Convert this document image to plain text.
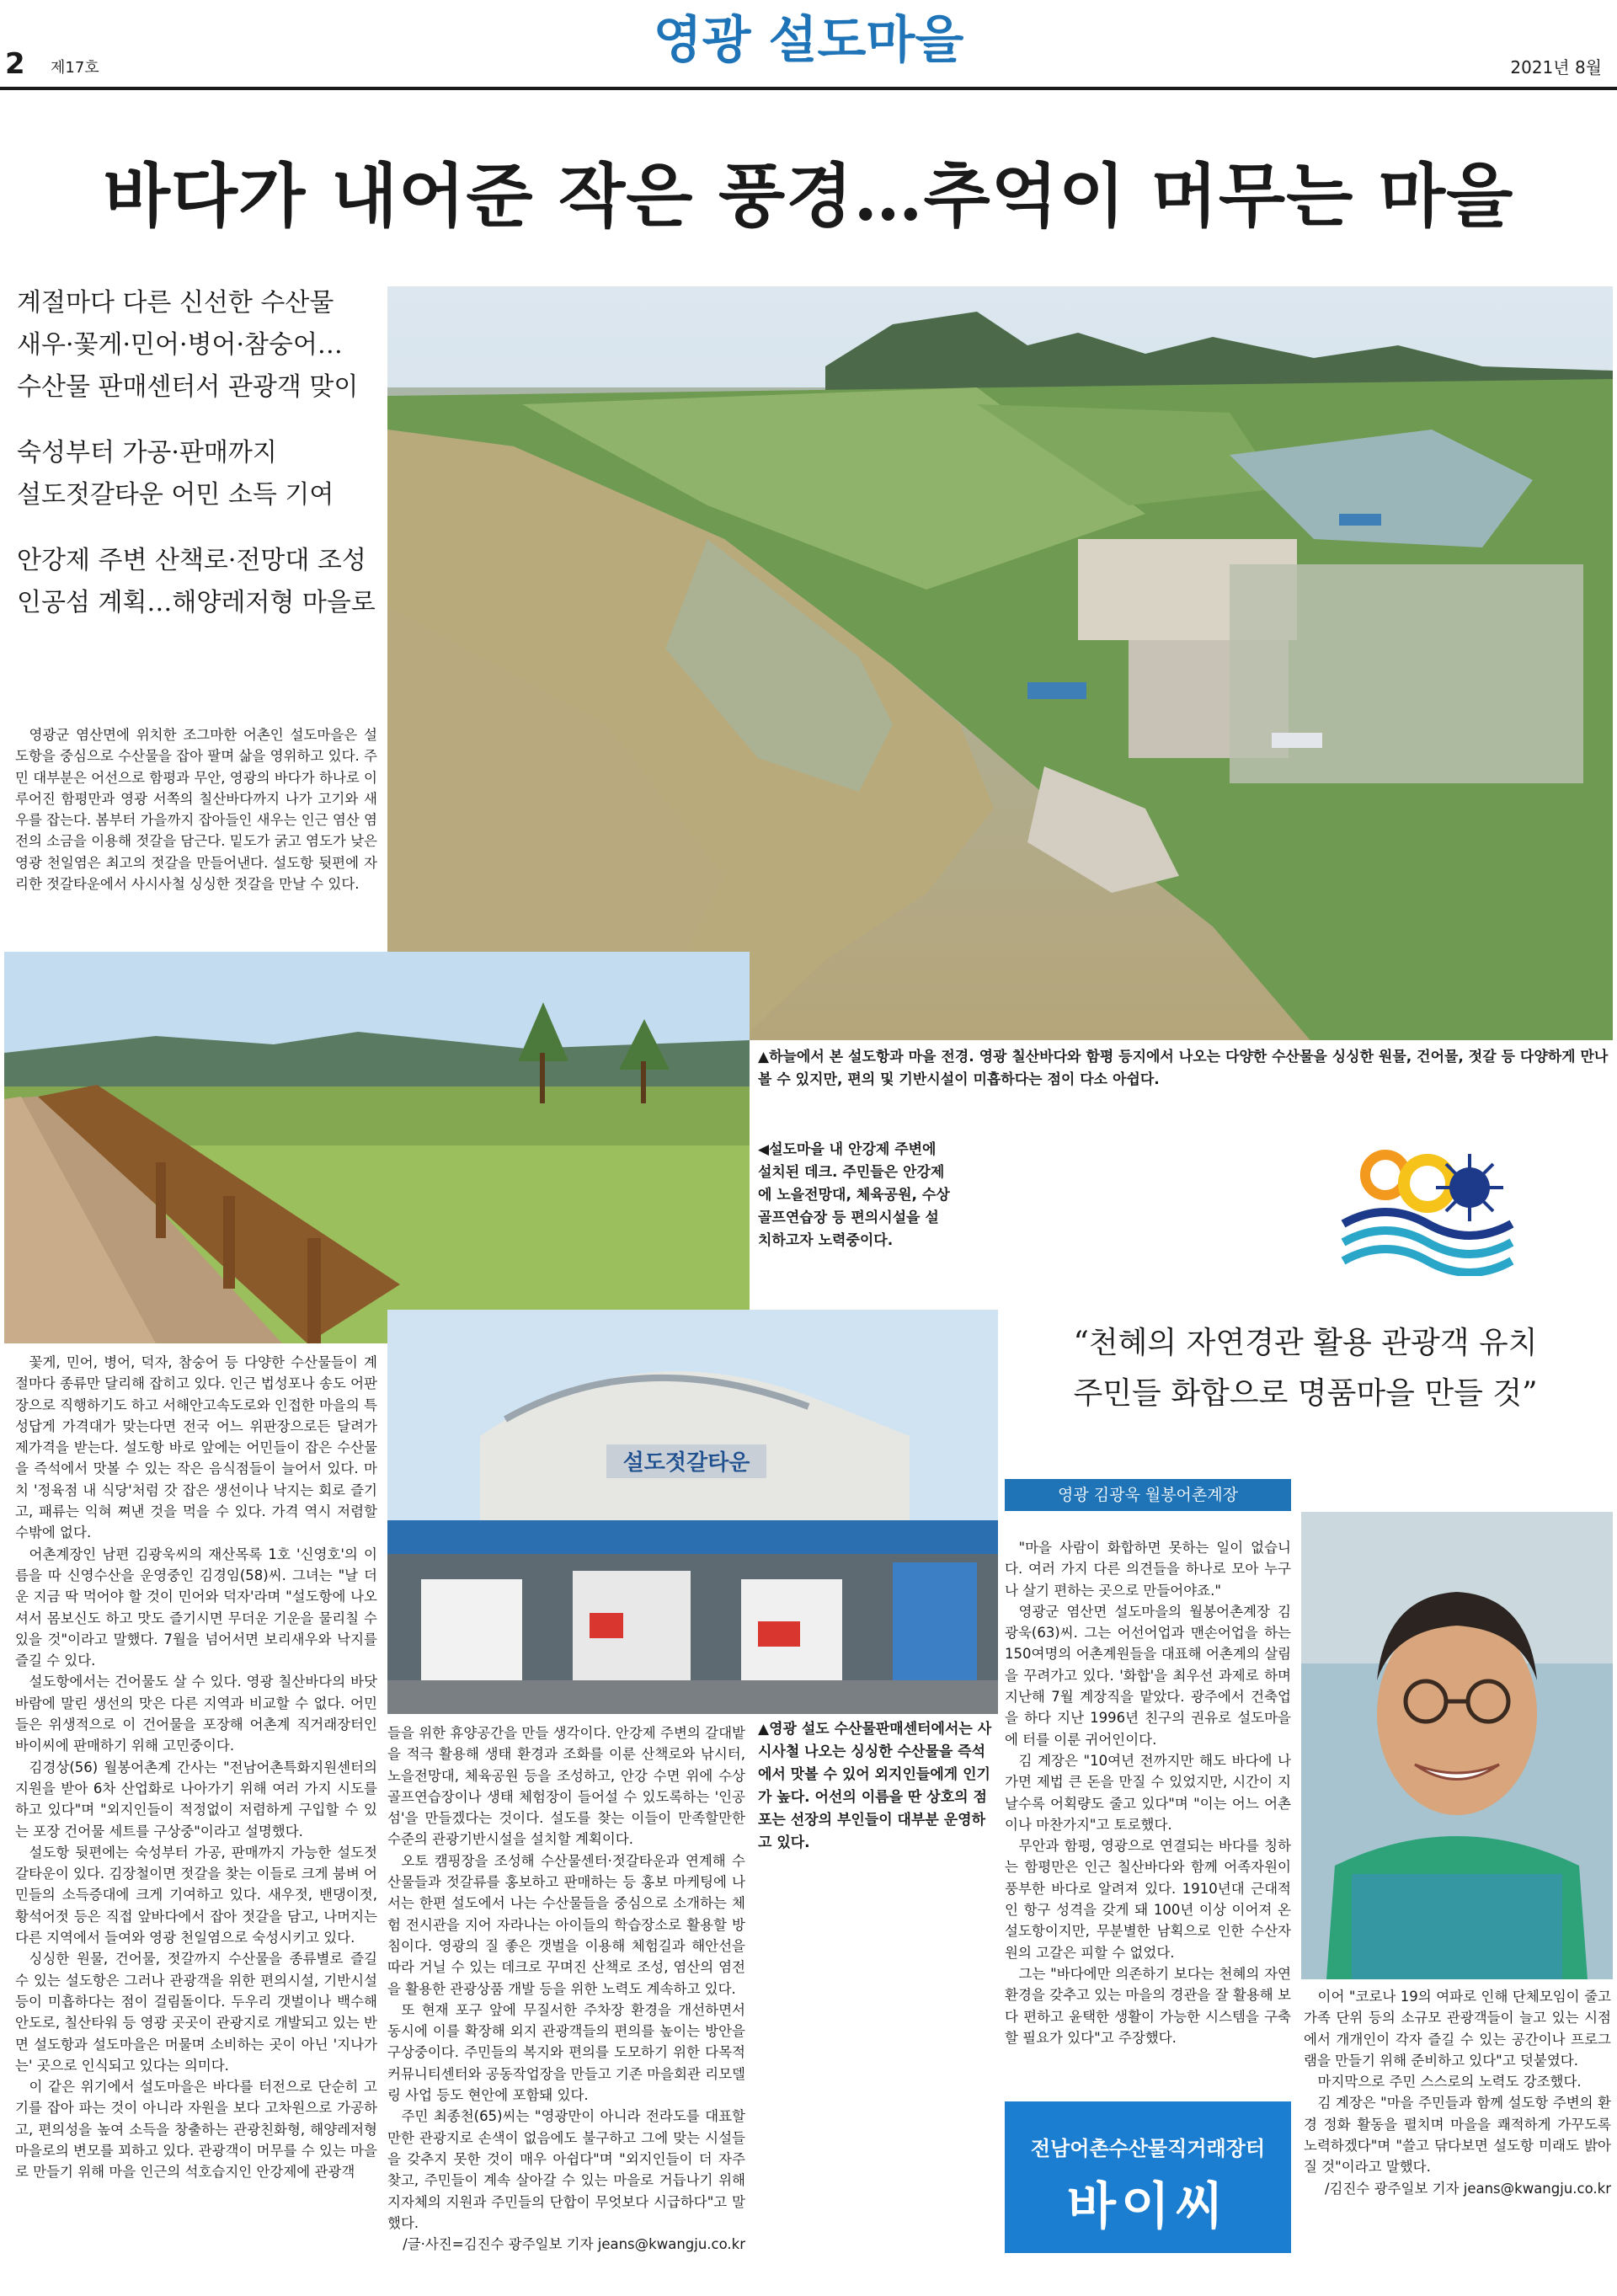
2 제17호	영광 설도마을	2021년 8월
바다가 내어준 작은 풍경…추억이 머무는 마을
계절마다 다른 신선한 수산물
새우·꽃게·민어·병어·참숭어…
수산물 판매센터서 관광객 맞이
숙성부터 가공·판매까지
설도젓갈타운 어민 소득 기여
안강제 주변 산책로·전망대 조성
인공섬 계획…해양레저형 마을로

영광군 염산면에 위치한 조그마한 어촌인 설도마을은 설도항을 중심으로 수산물을 잡아 팔며 삶을 영위하고 있다. 주민 대부분은 어선으로 함평과 무안, 영광의 바다가 하나로 이루어진 함평만과 영광 서쪽의 칠산바다까지 나가 고기와 새우를 잡는다. 봄부터 가을까지 잡아들인 새우는 인근 염산 염전의 소금을 이용해 젓갈을 담근다. 밑도가 굵고 염도가 낮은 영광 천일염은 최고의 젓갈을 만들어낸다. 설도항 뒷편에 자리한 젓갈타운에서 사시사철 싱싱한 젓갈을 만날 수 있다.

▲하늘에서 본 설도항과 마을 전경. 영광 칠산바다와 함평 등지에서 나오는 다양한 수산물을 싱싱한 원물, 건어물, 젓갈 등 다양하게 만나 볼 수 있지만, 편의 및 기반시설이 미흡하다는 점이 다소 아쉽다.
◀설도마을 내 안강제 주변에 설치된 데크. 주민들은 안강제에 노을전망대, 체육공원, 수상 골프연습장 등 편의시설을 설치하고자 노력중이다.
설도젓갈타운

꽃게, 민어, 병어, 덕자, 참숭어 등 다양한 수산물들이 계절마다 종류만 달리해 잡히고 있다. 인근 법성포나 송도 어판장으로 직행하기도 하고 서해안고속도로와 인접한 마을의 특성답게 가격대가 맞는다면 전국 어느 위판장으로든 달려가 제가격을 받는다. 설도항 바로 앞에는 어민들이 잡은 수산물을 즉석에서 맛볼 수 있는 작은 음식점들이 늘어서 있다. 마치 '정육점 내 식당'처럼 갓 잡은 생선이나 낙지는 회로 즐기고, 패류는 익혀 쪄낸 것을 먹을 수 있다. 가격 역시 저렴할 수밖에 없다.

어촌계장인 남편 김광욱씨의 재산목록 1호 '신영호'의 이름을 따 신영수산을 운영중인 김경임(58)씨. 그녀는 "날 더운 지금 딱 먹어야 할 것이 민어와 덕자'라며 "설도항에 나오셔서 몸보신도 하고 맛도 즐기시면 무더운 기운을 물리칠 수 있을 것"이라고 말했다. 7월을 넘어서면 보리새우와 낙지를 즐길 수 있다.

설도항에서는 건어물도 살 수 있다. 영광 칠산바다의 바닷바람에 말린 생선의 맛은 다른 지역과 비교할 수 없다. 어민들은 위생적으로 이 건어물을 포장해 어촌계 직거래장터인 바이씨에 판매하기 위해 고민중이다.

김경상(56) 월봉어촌계 간사는 "전남어촌특화지원센터의 지원을 받아 6차 산업화로 나아가기 위해 여러 가지 시도를 하고 있다"며 "외지인들이 적정없이 저렴하게 구입할 수 있는 포장 건어물 세트를 구상중"이라고 설명했다.

설도항 뒷편에는 숙성부터 가공, 판매까지 가능한 설도젓갈타운이 있다. 김장철이면 젓갈을 찾는 이들로 크게 붐벼 어민들의 소득증대에 크게 기여하고 있다. 새우젓, 밴댕이젓, 황석어젓 등은 직접 앞바다에서 잡아 젓갈을 담고, 나머지는 다른 지역에서 들여와 영광 천일염으로 숙성시키고 있다.

싱싱한 원물, 건어물, 젓갈까지 수산물을 종류별로 즐길 수 있는 설도항은 그러나 관광객을 위한 편의시설, 기반시설 등이 미흡하다는 점이 걸림돌이다. 두우리 갯벌이나 백수해안도로, 칠산타워 등 영광 곳곳이 관광지로 개발되고 있는 반면 설도항과 설도마을은 머물며 소비하는 곳이 아닌 '지나가는' 곳으로 인식되고 있다는 의미다.

이 같은 위기에서 설도마을은 바다를 터전으로 단순히 고기를 잡아 파는 것이 아니라 자원을 보다 고차원으로 가공하고, 편의성을 높여 소득을 창출하는 관광친화형, 해양레저형 마을로의 변모를 꾀하고 있다. 관광객이 머무를 수 있는 마을로 만들기 위해 마을 인근의 석호습지인 안강제에 관광객

들을 위한 휴양공간을 만들 생각이다. 안강제 주변의 갈대밭을 적극 활용해 생태 환경과 조화를 이룬 산책로와 낚시터, 노을전망대, 체육공원 등을 조성하고, 안강 수면 위에 수상골프연습장이나 생태 체험장이 들어설 수 있도록하는 '인공섬'을 만들겠다는 것이다. 설도를 찾는 이들이 만족할만한 수준의 관광기반시설을 설치할 계획이다.

오토 캠핑장을 조성해 수산물센터·젓갈타운과 연계해 수산물들과 젓갈류를 홍보하고 판매하는 등 홍보 마케팅에 나서는 한편 설도에서 나는 수산물들을 중심으로 소개하는 체험 전시관을 지어 자라나는 아이들의 학습장소로 활용할 방침이다. 영광의 질 좋은 갯벌을 이용해 체험길과 해안선을 따라 거닐 수 있는 데크로 꾸며진 산책로 조성, 염산의 염전을 활용한 관광상품 개발 등을 위한 노력도 계속하고 있다.

또 현재 포구 앞에 무질서한 주차장 환경을 개선하면서 동시에 이를 확장해 외지 관광객들의 편의를 높이는 방안을 구상중이다. 주민들의 복지와 편의를 도모하기 위한 다목적커뮤니티센터와 공동작업장을 만들고 기존 마을회관 리모델링 사업 등도 현안에 포함돼 있다.

주민 최종천(65)씨는 "영광만이 아니라 전라도를 대표할 만한 관광지로 손색이 없음에도 불구하고 그에 맞는 시설들을 갖추지 못한 것이 매우 아쉽다"며 "외지인들이 더 자주 찾고, 주민들이 계속 살아갈 수 있는 마을로 거듭나기 위해 지자체의 지원과 주민들의 단합이 무엇보다 시급하다"고 말했다.

/글·사진=김진수 광주일보 기자 jeans@kwangju.co.kr

▲영광 설도 수산물판매센터에서는 사시사철 나오는 싱싱한 수산물을 즉석에서 맛볼 수 있어 외지인들에게 인기가 높다. 어선의 이름을 딴 상호의 점포는 선장의 부인들이 대부분 운영하고 있다.
“천혜의 자연경관 활용 관광객 유치
주민들 화합으로 명품마을 만들 것”
영광 김광욱 월봉어촌계장

"마을 사람이 화합하면 못하는 일이 없습니다. 여러 가지 다른 의견들을 하나로 모아 누구나 살기 편하는 곳으로 만들어야죠."

영광군 염산면 설도마을의 월봉어촌계장 김광욱(63)씨. 그는 어선어업과 맨손어업을 하는 150여명의 어촌계원들을 대표해 어촌계의 살림을 꾸려가고 있다. '화합'을 최우선 과제로 하며 지난해 7월 계장직을 맡았다. 광주에서 건축업을 하다 지난 1996년 친구의 권유로 설도마을에 터를 이룬 귀어인이다.

김 계장은 "10여년 전까지만 해도 바다에 나가면 제법 큰 돈을 만질 수 있었지만, 시간이 지날수록 어획량도 줄고 있다"며 "이는 어느 어촌이나 마찬가지"고 토로했다.

무안과 함평, 영광으로 연결되는 바다를 칭하는 함평만은 인근 칠산바다와 함께 어족자원이 풍부한 바다로 알려져 있다. 1910년대 근대적인 항구 성격을 갖게 돼 100년 이상 이어져 온 설도항이지만, 무분별한 남획으로 인한 수산자원의 고갈은 피할 수 없었다.

그는 "바다에만 의존하기 보다는 천혜의 자연환경을 갖추고 있는 마을의 경관을 잘 활용해 보다 편하고 윤택한 생활이 가능한 시스템을 구축할 필요가 있다"고 주장했다.

이어 "코로나 19의 여파로 인해 단체모임이 줄고 가족 단위 등의 소규모 관광객들이 늘고 있는 시점에서 개개인이 각자 즐길 수 있는 공간이나 프로그램을 만들기 위해 준비하고 있다"고 덧붙였다.

마지막으로 주민 스스로의 노력도 강조했다.

김 계장은 "마을 주민들과 함께 설도항 주변의 환경 정화 활동을 펼치며 마을을 쾌적하게 가꾸도록 노력하겠다"며 "쓸고 닦다보면 설도항 미래도 밝아질 것"이라고 말했다.

/김진수 광주일보 기자 jeans@kwangju.co.kr

전남어촌수산물직거래장터
바이씨
